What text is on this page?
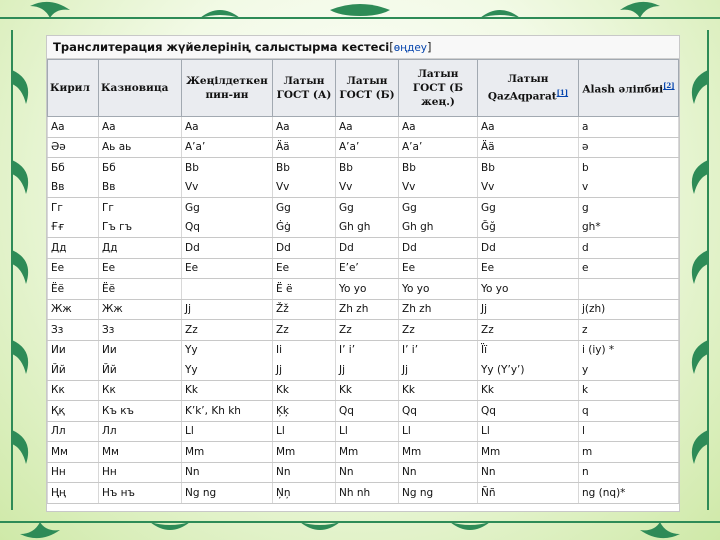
Транслитерация жүйелерінің салыстырма кестесі[өңдеу]
Кирил	Казновица	Жеңілдеткен пин-ин	Латын ГОСТ (А)	Латын ГОСТ (Б)	Латын ГОСТ (Б жең.)	Латын QazAqparat[1]	Alash әліпбиі[2]
Аа	Аа	Aa	Aa	Aa	Aa	Aa	a
Әә	Аь аь	A’a’	Ää	A’a’	A’a’	Ää	ә
Бб	Бб	Bb	Bb	Bb	Bb	Bb	b
Вв	Вв	Vv	Vv	Vv	Vv	Vv	v
Гг	Гг	Gg	Gg	Gg	Gg	Gg	g
Ғғ	Гъ гъ	Qq	Ġġ	Gh gh	Gh gh	Ğğ	gh*
Дд	Дд	Dd	Dd	Dd	Dd	Dd	d
Ее	Ее	Ee	Ee	E’e’	Ee	Ee	e
Ёё	Ёё		Ë ë	Yo yo	Yo yo	Yo yo	
Жж	Жж	Jj	Žž	Zh zh	Zh zh	Jj	j(zh)
Зз	Зз	Zz	Zz	Zz	Zz	Zz	z
Ии	Ии	Yy	Ii	I’ i’	I’ i’	Ïï	i (iy) *
Йй	Йй	Yy	Jj	Jj	Jj	Yy (Y’y’)	y
Кк	Кк	Kk	Kk	Kk	Kk	Kk	k
Ққ	Къ къ	K’k’, Kh kh	Ķķ	Qq	Qq	Qq	q
Лл	Лл	Ll	Ll	Ll	Ll	Ll	l
Мм	Мм	Mm	Mm	Mm	Mm	Mm	m
Нн	Нн	Nn	Nn	Nn	Nn	Nn	n
Ңң	Нъ нъ	Ng ng	Ņņ	Nh nh	Ng ng	Ññ	ng (nq)*
